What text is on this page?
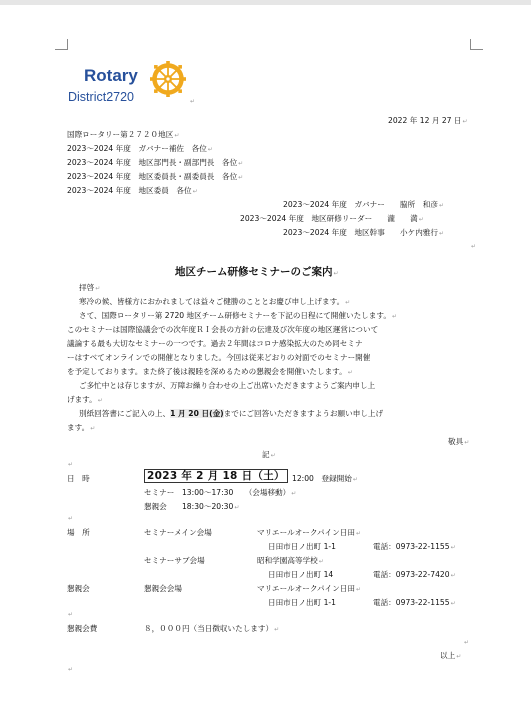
Rotary
District2720	↵
2022 年 12 月 27 日↵
国際ロータリー第２７２０地区↵
2023～2024 年度　ガバナー補佐　各位↵
2023～2024 年度　地区部門長・副部門長　各位↵
2023～2024 年度　地区委員長・副委員長　各位↵
2023～2024 年度　地区委員　各位↵
2023～2024 年度　ガバナー　　脇所　和彦↵
2023～2024 年度　地区研修リーダー　　瀧　　満↵
2023～2024 年度　地区幹事　　小ケ内雅行↵
↵
地区チーム研修セミナーのご案内↵
拝啓↵
寒冷の候、皆様方におかれましては益々ご健勝のこととお慶び申し上げます。↵
さて、国際ロータリー第 2720 地区チーム研修セミナーを下記の日程にて開催いたします。↵
このセミナーは国際協議会での次年度ＲＩ会長の方針の伝達及び次年度の地区運営について
議論する最も大切なセミナーの一つです。過去２年間はコロナ感染拡大のため同セミナ
ーはすべてオンラインでの開催となりました。今回は従来どおりの対面でのセミナー開催
を予定しております。また終了後は親睦を深めるための懇親会を開催いたします。↵
ご多忙中とは存じますが、万障お繰り合わせの上ご出席いただきますようご案内申し上
げます。↵
別紙回答書にご記入の上、1 月 20 日(金)までにご回答いただきますようお願い申し上げ
ます。↵
敬具↵
記↵
↵
日　時	2023 年 2 月 18 日（土） 12:00　登録開始↵
セミナー　13:00～17:30　　（会場移動）↵
懇親会　　18:30～20:30↵
↵
場　所	セミナーメイン会場	マリエールオークパイン日田↵
日田市日ノ出町 1-1	電話：0973-22-1155↵
セミナーサブ会場	昭和学園高等学校↵
日田市日ノ出町 14	電話：0973-22-7420↵
懇親会	懇親会会場	マリエールオークパイン日田↵
日田市日ノ出町 1-1	電話：0973-22-1155↵
↵
懇親会費	８，０００円（当日徴収いたします）↵
↵
以上↵
↵
